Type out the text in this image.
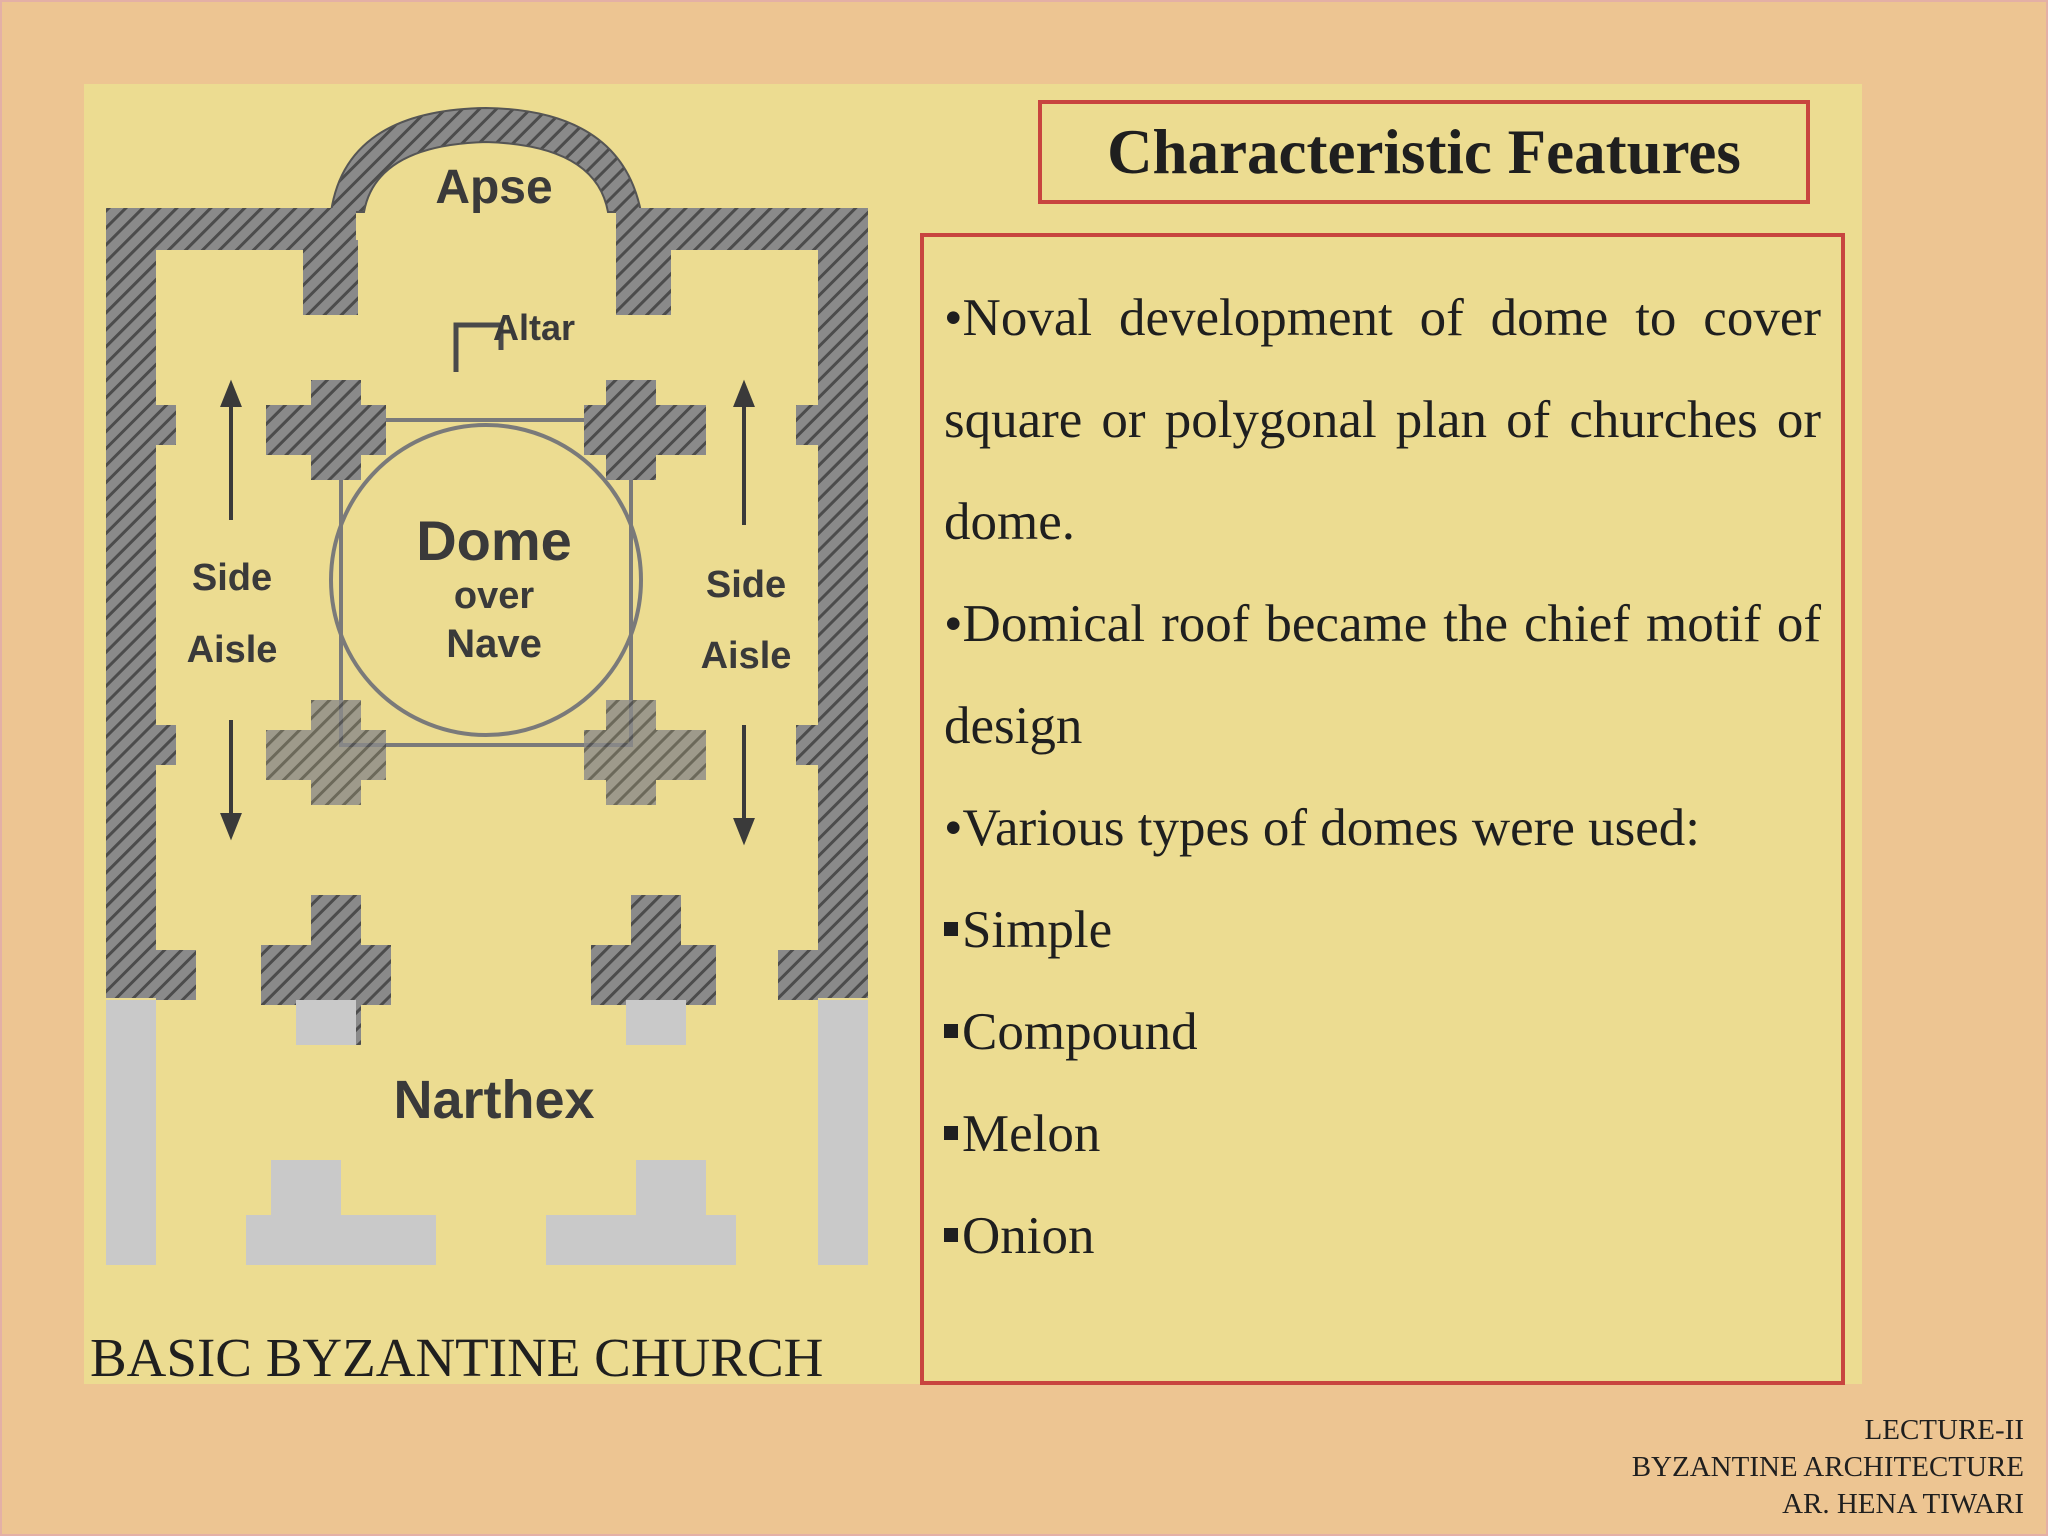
Apse
Altar
Dome
over
Nave
Side
Aisle
Side
Aisle
Narthex
BASIC BYZANTINE CHURCH
Characteristic Features

•Noval development of dome to cover square or polygonal plan of churches or dome.

•Domical roof became the chief motif of design

•Various types of domes were used:

Simple

Compound

Melon

Onion

LECTURE-II
BYZANTINE ARCHITECTURE
AR. HENA TIWARI
